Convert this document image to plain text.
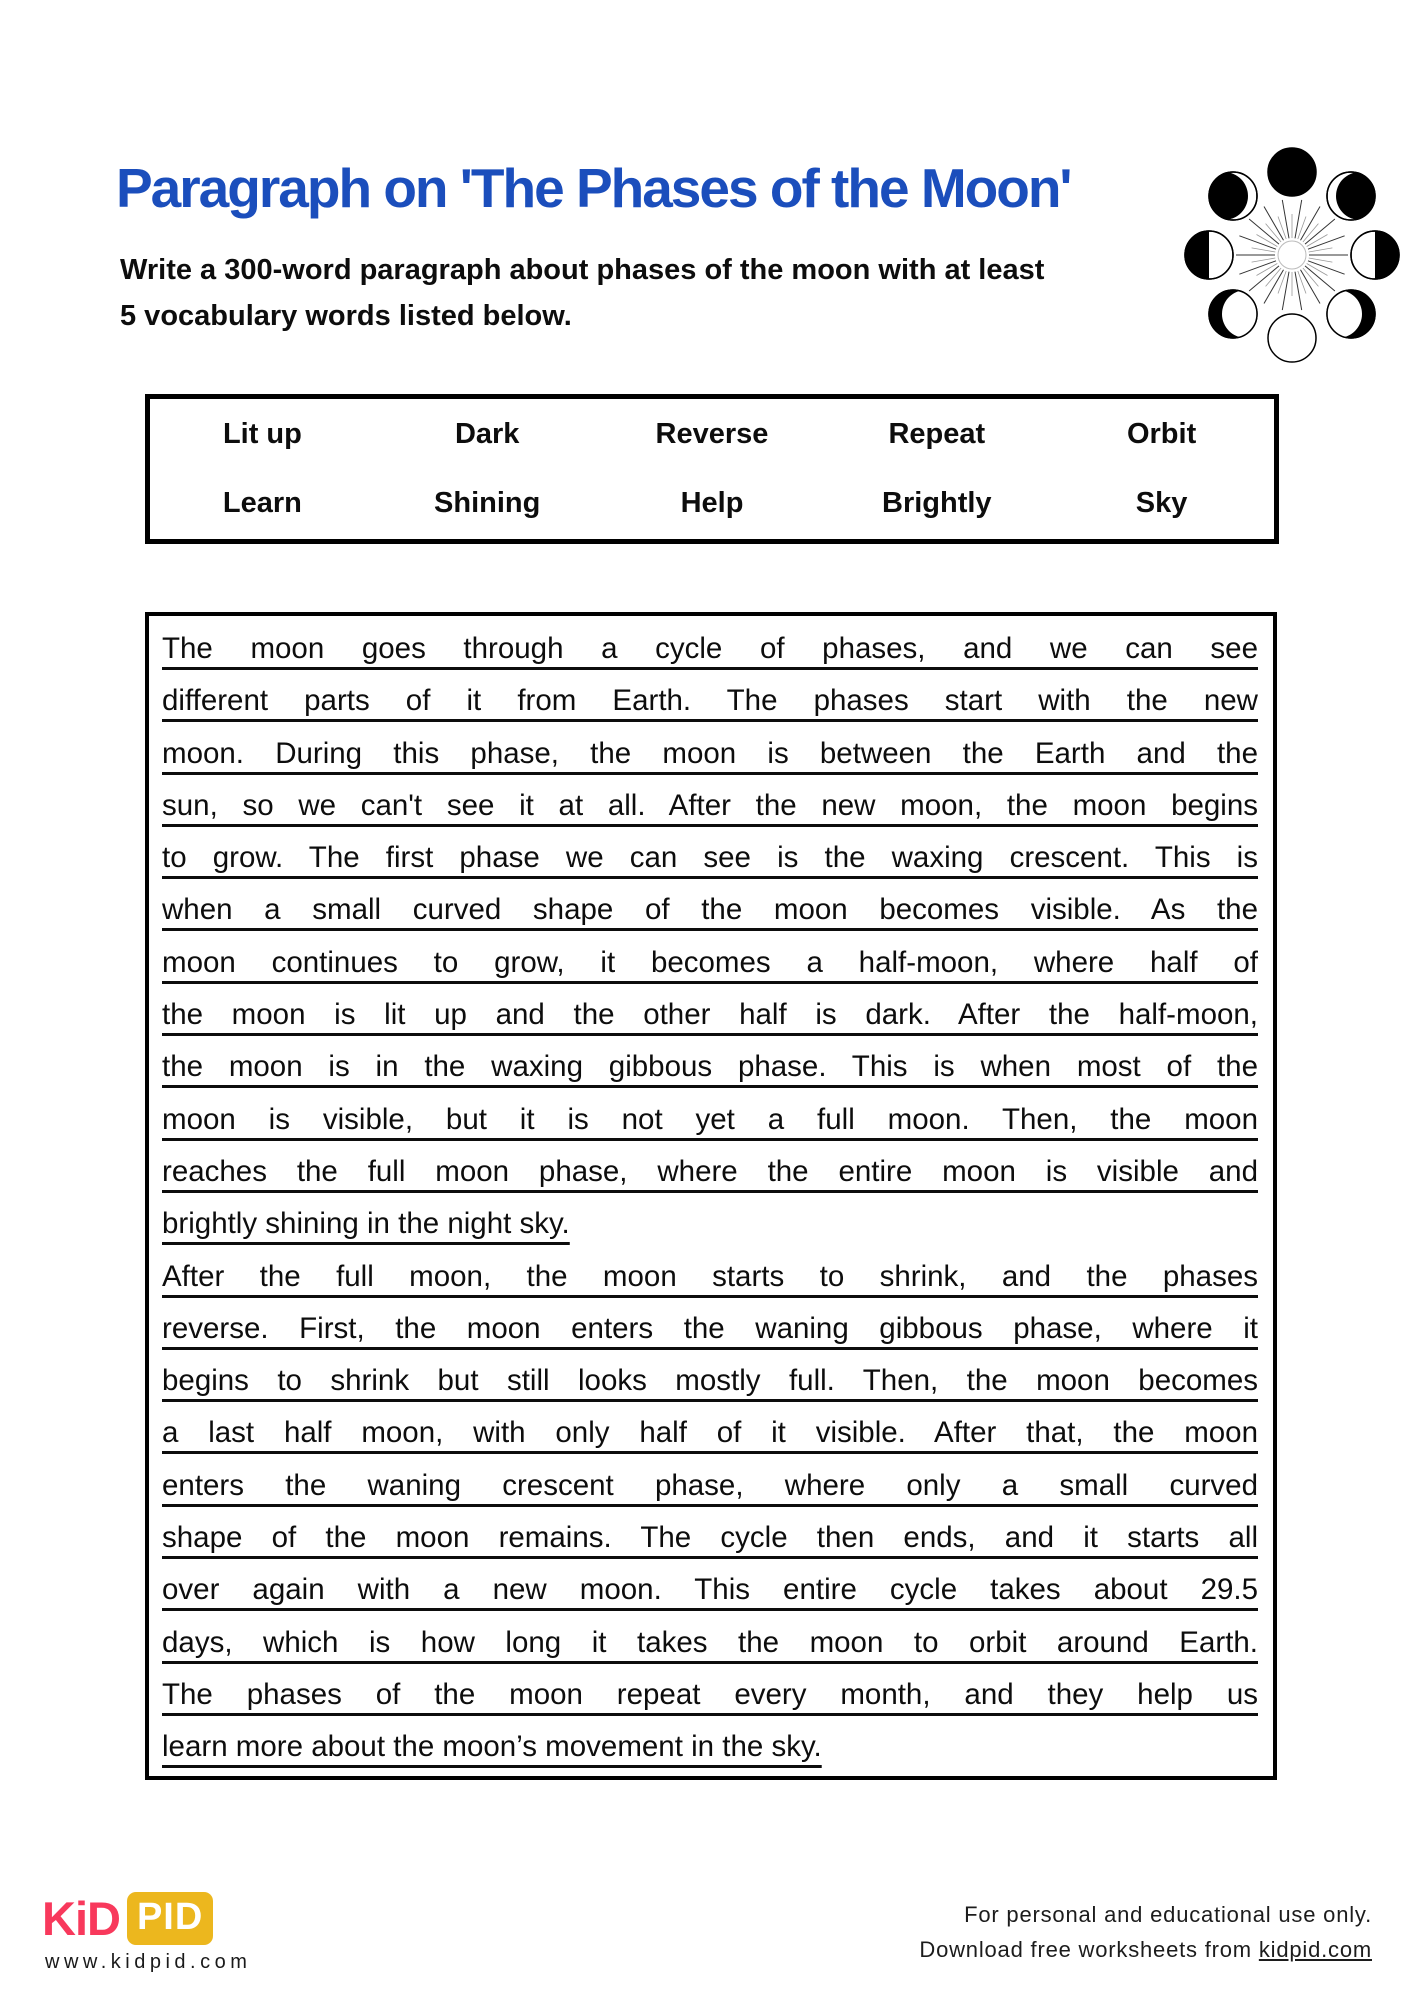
Paragraph on 'The Phases of the Moon'
Write a 300-word paragraph about phases of the moon with at least
5 vocabulary words listed below.
Lit up	Dark	Reverse	Repeat	Orbit
Learn	Shining	Help	Brightly	Sky
The moon goes through a cycle of phases, and we can see
different parts of it from Earth. The phases start with the new
moon. During this phase, the moon is between the Earth and the
sun, so we can't see it at all. After the new moon, the moon begins
to grow. The first phase we can see is the waxing crescent. This is
when a small curved shape of the moon becomes visible. As the
moon continues to grow, it becomes a half-moon, where half of
the moon is lit up and the other half is dark. After the half-moon,
the moon is in the waxing gibbous phase. This is when most of the
moon is visible, but it is not yet a full moon. Then, the moon
reaches the full moon phase, where the entire moon is visible and
brightly shining in the night sky.
After the full moon, the moon starts to shrink, and the phases
reverse. First, the moon enters the waning gibbous phase, where it
begins to shrink but still looks mostly full. Then, the moon becomes
a last half moon, with only half of it visible. After that, the moon
enters the waning crescent phase, where only a small curved
shape of the moon remains. The cycle then ends, and it starts all
over again with a new moon. This entire cycle takes about 29.5
days, which is how long it takes the moon to orbit around Earth.
The phases of the moon repeat every month, and they help us
learn more about the moon’s movement in the sky.
KiD PID
www.kidpid.com
For personal and educational use only.
Download free worksheets from kidpid.com
